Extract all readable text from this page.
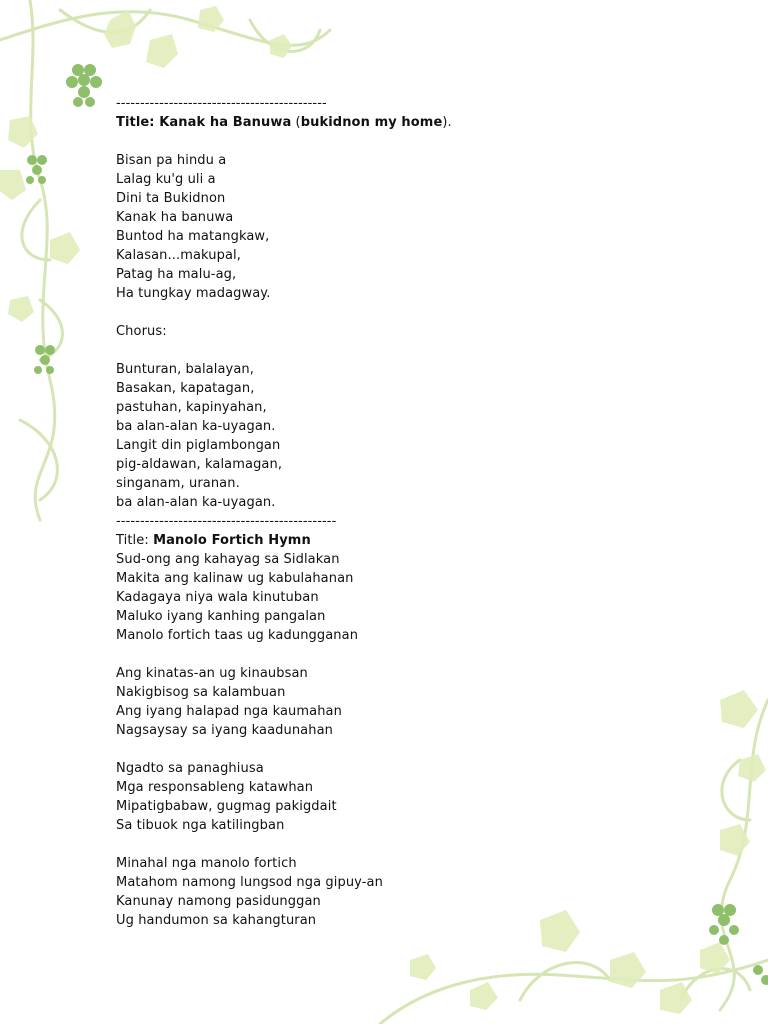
--------------------------------------------
Title: Kanak ha Banuwa (bukidnon my home).
Bisan pa hindu a
Lalag ku'g uli a
Dini ta Bukidnon
Kanak ha banuwa
Buntod ha matangkaw,
Kalasan...makupal,
Patag ha malu-ag,
Ha tungkay madagway.
Chorus:
Bunturan, balalayan,
Basakan, kapatagan,
pastuhan, kapinyahan,
ba alan-alan ka-uyagan.
Langit din piglambongan
pig-aldawan, kalamagan,
singanam, uranan.
ba alan-alan ka-uyagan.
----------------------------------------------
Title: Manolo Fortich Hymn
Sud-ong ang kahayag sa Sidlakan
Makita ang kalinaw ug kabulahanan
Kadagaya niya wala kinutuban
Maluko iyang kanhing pangalan
Manolo fortich taas ug kadungganan
Ang kinatas-an ug kinaubsan
Nakigbisog sa kalambuan
Ang iyang halapad nga kaumahan
Nagsaysay sa iyang kaadunahan
Ngadto sa panaghiusa
Mga responsableng katawhan
Mipatigbabaw, gugmag pakigdait
Sa tibuok nga katilingban
Minahal nga manolo fortich
Matahom namong lungsod nga gipuy-an
Kanunay namong pasidunggan
Ug handumon sa kahangturan
